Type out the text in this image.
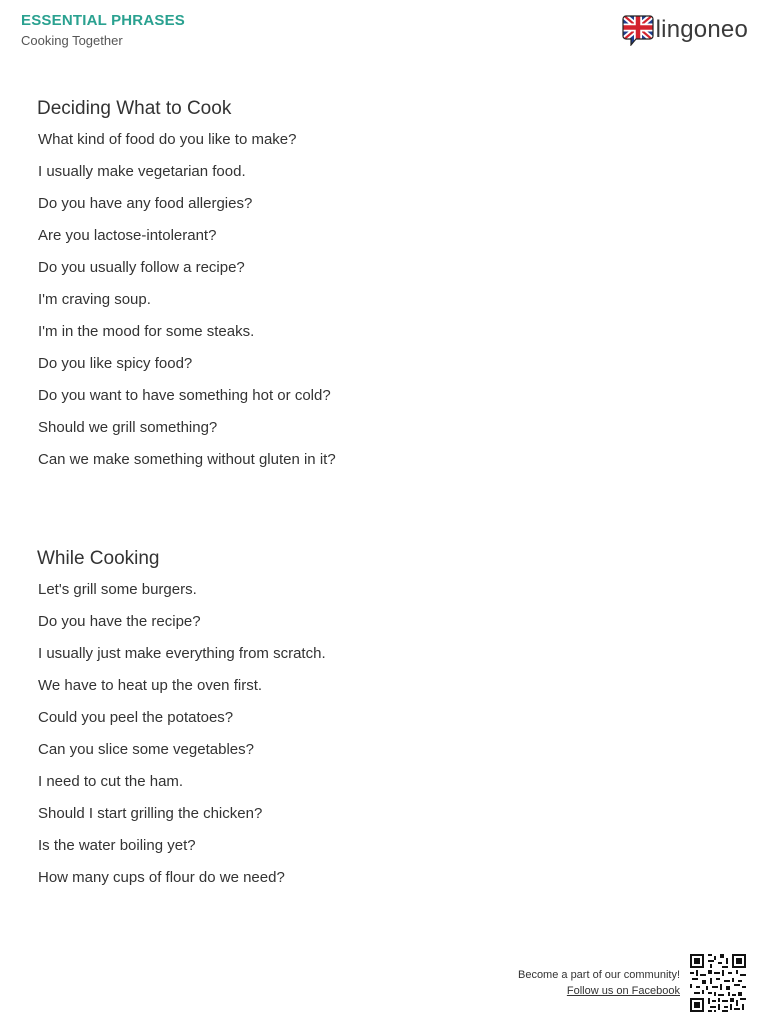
ESSENTIAL PHRASES
Cooking Together	lingoneo
Deciding What to Cook
What kind of food do you like to make?
I usually make vegetarian food.
Do you have any food allergies?
Are you lactose-intolerant?
Do you usually follow a recipe?
I'm craving soup.
I'm in the mood for some steaks.
Do you like spicy food?
Do you want to have something hot or cold?
Should we grill something?
Can we make something without gluten in it?
While Cooking
Let's grill some burgers.
Do you have the recipe?
I usually just make everything from scratch.
We have to heat up the oven first.
Could you peel the potatoes?
Can you slice some vegetables?
I need to cut the ham.
Should I start grilling the chicken?
Is the water boiling yet?
How many cups of flour do we need?
Become a part of our community!
Follow us on Facebook
